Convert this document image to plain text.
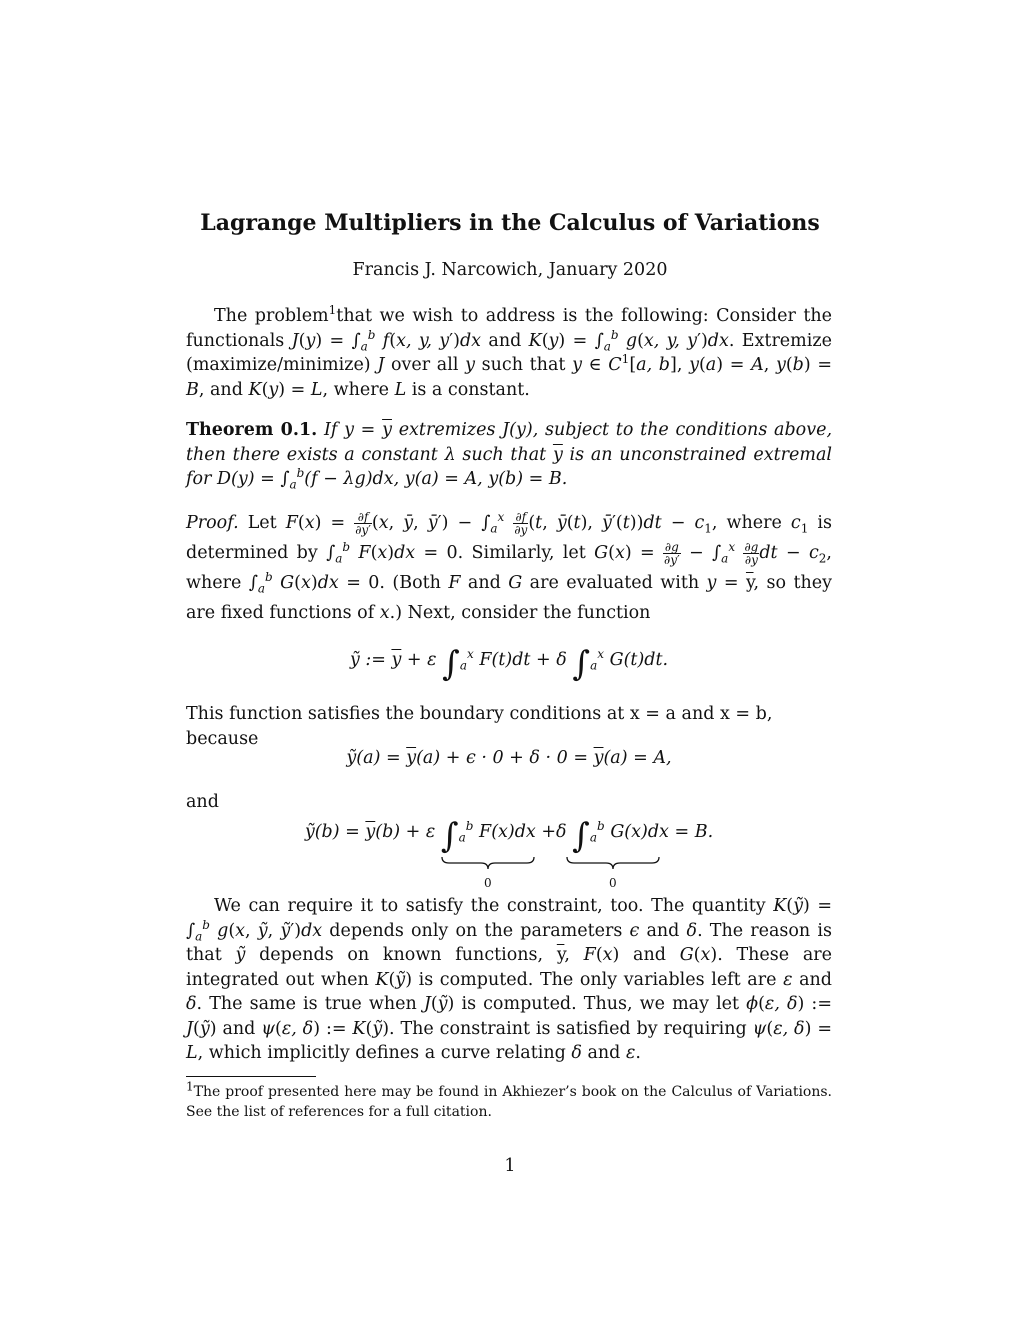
Lagrange Multipliers in the Calculus of Variations
Francis J. Narcowich, January 2020
The problem$^1$that we wish to address is the following: Consider the functionals $J(y) = \int_a^b$ f(x, y, y′)dx and $K(y) = \int_a^b$ g(x, y, y′)dx. Extremize (maximize/minimize) J over all y such that y ∈ $C^1[a$, b], y(a) = A, y(b) = B, and K(y) = L, where L is a constant.
Theorem 0.1. If $y = \overline{y}$ extremizes J(y), subject to the conditions above, then there exists a constant λ such that $\overline{y}$ is an unconstrained extremal for $D(y) = \int_a^b(f - \lambda g)dx$, y(a) = A, y(b) = B.
Proof. Let $F(x) = \frac{\partial f}{\partial y'} (x$, ȳ, ȳ′) − $\int_a^x \frac{\partial f}{\partial y} (t$, ȳ(t), ȳ′(t))dt − $c_1$, where $c_1$ is determined by $\int_a^b$ F(x)dx = 0. Similarly, let $G(x) = \frac{\partial g}{\partial y'} - \int_a^x \frac{\partial g}{\partial y}$ dt − $c_2$, where $\int_a^b$ G(x)dx = 0. (Both F and G are evaluated with $y = \overline{y}$, so they are fixed functions of x.) Next, consider the function
ỹ := $\overline{y} + \varepsilon$ $\int_a^x$ F(t)dt + δ $\int_a^x$ G(t)dt.
This function satisfies the boundary conditions at x = a and x = b, because
ỹ(a) = $\overline{y}(a) + \epsilon \cdot 0 + \delta \cdot 0 = \overline{y}(a) = A$,
and
ỹ(b) = $\overline{y}(b) + \varepsilon$ $\int_a^b$ F(x)dx +δ $\int_a^b$ G(x)dx = B.
0	0
We can require it to satisfy the constraint, too. The quantity K(ỹ) = $\int_a^b$ g(x, ỹ, ỹ′)dx depends only on the parameters ϵ and δ. The reason is that ỹ depends on known functions, $\overline{y}$, F(x) and G(x). These are integrated out when K(ỹ) is computed. The only variables left are ε and δ. The same is true when J(ỹ) is computed. Thus, we may let ϕ(ε, δ) := J(ỹ) and ψ(ε, δ) := K(ỹ). The constraint is satisfied by requiring ψ(ε, δ) = L, which implicitly defines a curve relating δ and ε.
$^1$The proof presented here may be found in Akhiezer’s book on the Calculus of Variations. See the list of references for a full citation.
1
